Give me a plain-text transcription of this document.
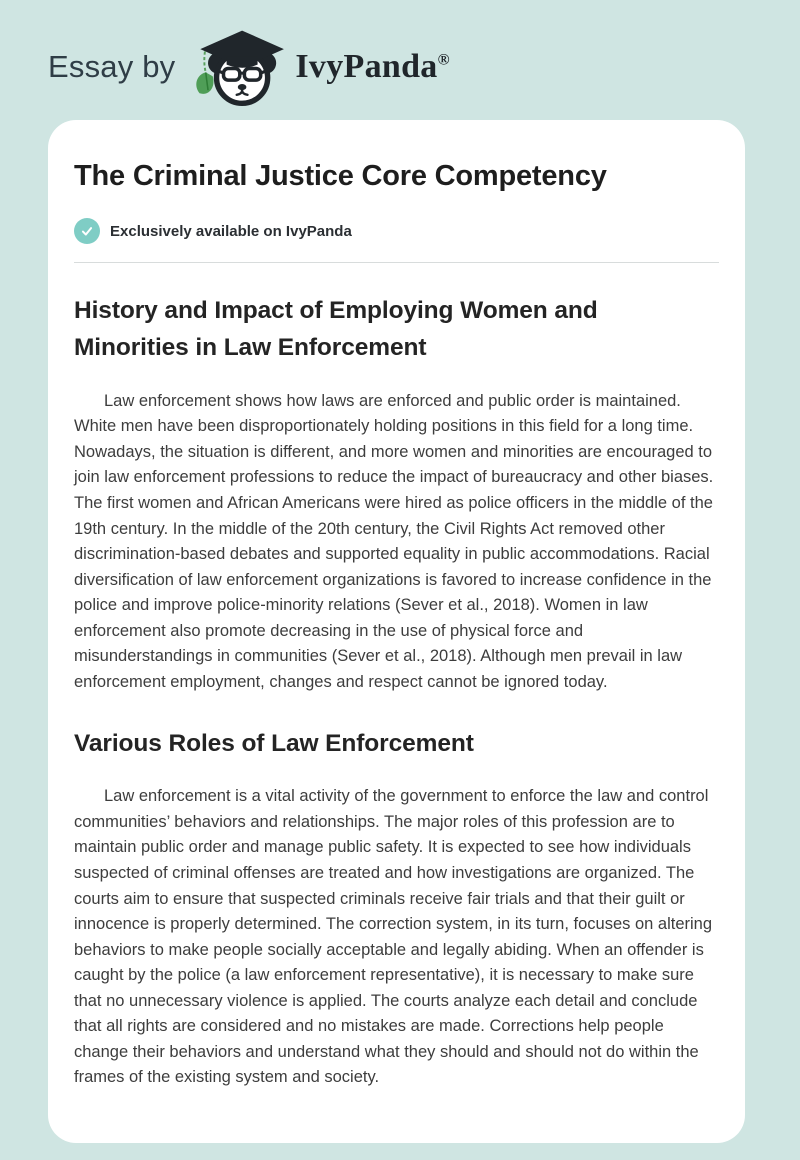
Essay by	IvyPanda®
The Criminal Justice Core Competency
Exclusively available on IvyPanda
History and Impact of Employing Women and Minorities in Law Enforcement

Law enforcement shows how laws are enforced and public order is maintained. White men have been disproportionately holding positions in this field for a long time. Nowadays, the situation is different, and more women and minorities are encouraged to join law enforcement professions to reduce the impact of bureaucracy and other biases. The first women and African Americans were hired as police officers in the middle of the 19th century. In the middle of the 20th century, the Civil Rights Act removed other discrimination-based debates and supported equality in public accommodations. Racial diversification of law enforcement organizations is favored to increase confidence in the police and improve police-minority relations (Sever et al., 2018). Women in law enforcement also promote decreasing in the use of physical force and misunderstandings in communities (Sever et al., 2018). Although men prevail in law enforcement employment, changes and respect cannot be ignored today.

Various Roles of Law Enforcement

Law enforcement is a vital activity of the government to enforce the law and control communities’ behaviors and relationships. The major roles of this profession are to maintain public order and manage public safety. It is expected to see how individuals suspected of criminal offenses are treated and how investigations are organized. The courts aim to ensure that suspected criminals receive fair trials and that their guilt or innocence is properly determined. The correction system, in its turn, focuses on altering behaviors to make people socially acceptable and legally abiding. When an offender is caught by the police (a law enforcement representative), it is necessary to make sure that no unnecessary violence is applied. The courts analyze each detail and conclude that all rights are considered and no mistakes are made. Corrections help people change their behaviors and understand what they should and should not do within the frames of the existing system and society.
